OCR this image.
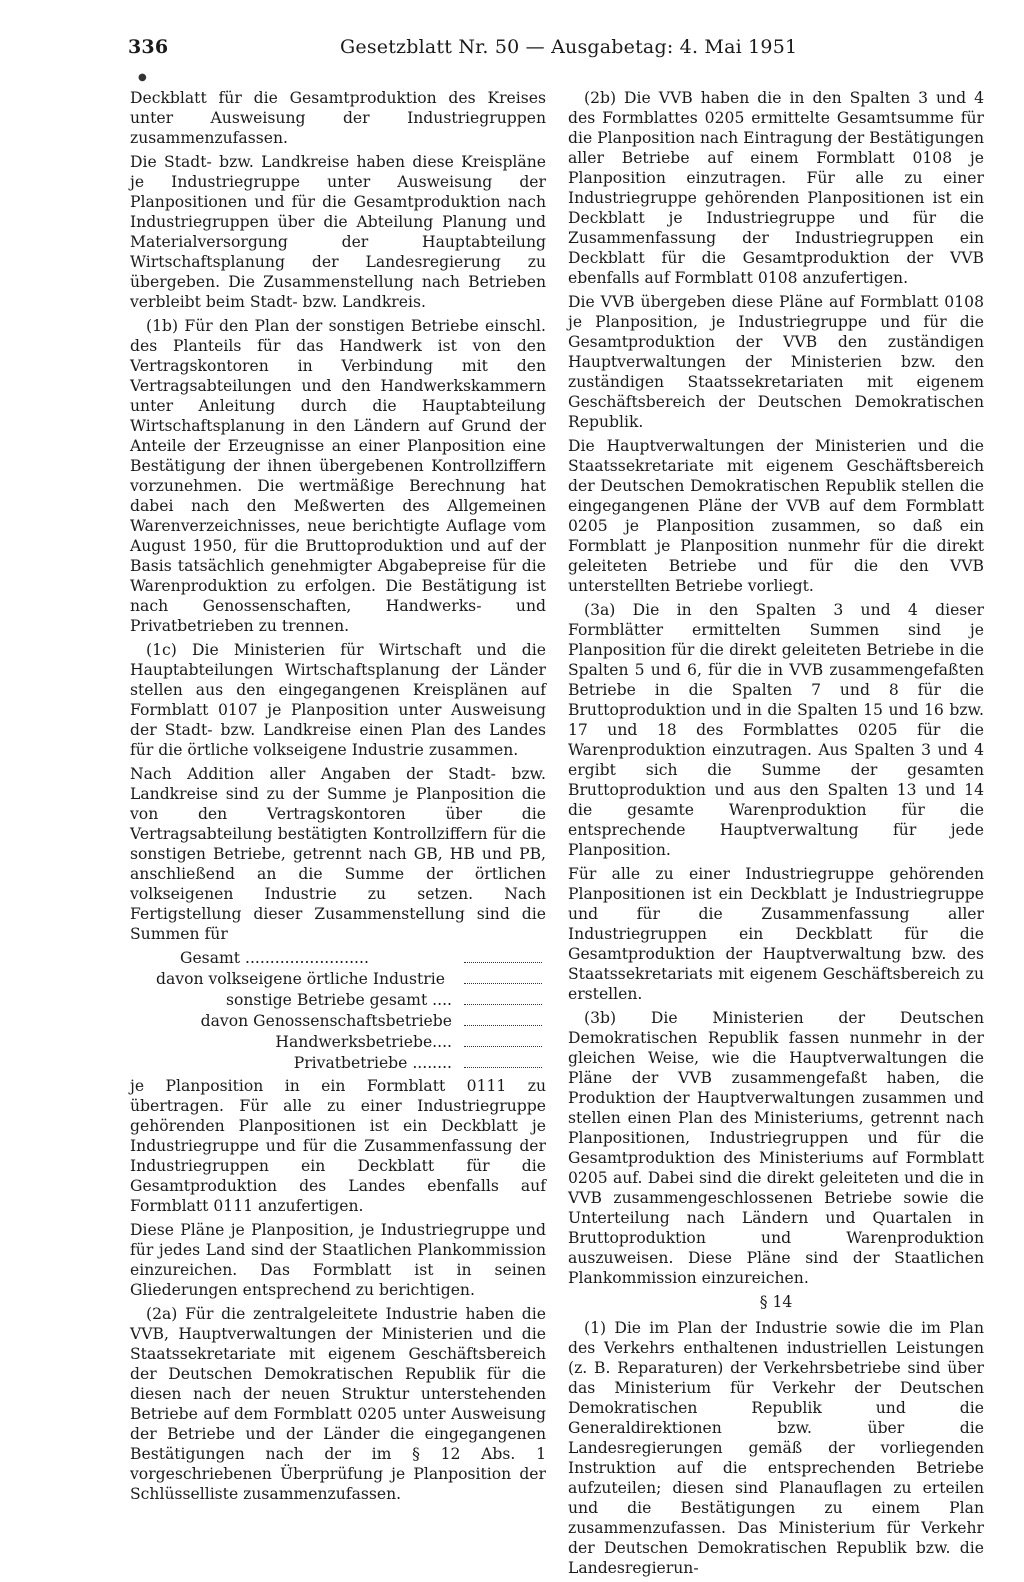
336	Gesetzblatt Nr. 50 — Ausgabetag: 4. Mai 1951
●

Deckblatt für die Gesamtproduktion des Kreises unter Ausweisung der Industriegruppen zusammenzufassen.

Die Stadt- bzw. Landkreise haben diese Kreispläne je Industriegruppe unter Ausweisung der Planpositionen und für die Gesamtproduktion nach Industriegruppen über die Abteilung Planung und Materialversorgung der Hauptabteilung Wirtschaftsplanung der Landesregierung zu übergeben. Die Zusammenstellung nach Betrieben verbleibt beim Stadt- bzw. Landkreis.

(1b) Für den Plan der sonstigen Betriebe einschl. des Planteils für das Handwerk ist von den Vertragskontoren in Verbindung mit den Vertragsabteilungen und den Handwerkskammern unter Anleitung durch die Hauptabteilung Wirtschaftsplanung in den Ländern auf Grund der Anteile der Erzeugnisse an einer Planposition eine Bestätigung der ihnen übergebenen Kontrollziffern vorzunehmen. Die wertmäßige Berechnung hat dabei nach den Meßwerten des Allgemeinen Warenverzeichnisses, neue berichtigte Auflage vom August 1950, für die Bruttoproduktion und auf der Basis tatsächlich genehmigter Abgabepreise für die Warenproduktion zu erfolgen. Die Bestätigung ist nach Genossenschaften, Handwerks- und Privatbetrieben zu trennen.

(1c) Die Ministerien für Wirtschaft und die Hauptabteilungen Wirtschaftsplanung der Länder stellen aus den eingegangenen Kreisplänen auf Formblatt 0107 je Planposition unter Ausweisung der Stadt- bzw. Landkreise einen Plan des Landes für die örtliche volkseigene Industrie zusammen.

Nach Addition aller Angaben der Stadt- bzw. Landkreise sind zu der Summe je Planposition die von den Vertragskontoren über die Vertragsabteilung bestätigten Kontrollziffern für die sonstigen Betriebe, getrennt nach GB, HB und PB, anschließend an die Summe der örtlichen volkseigenen Industrie zu setzen. Nach Fertigstellung dieser Zusammenstellung sind die Summen für

Gesamt .........................
davon volkseigene örtliche Industrie
sonstige Betriebe gesamt ....
davon Genossenschaftsbetriebe
Handwerksbetriebe....
Privatbetriebe ........

je Planposition in ein Formblatt 0111 zu übertragen. Für alle zu einer Industriegruppe gehörenden Planpositionen ist ein Deckblatt je Industriegruppe und für die Zusammenfassung der Industriegruppen ein Deckblatt für die Gesamtproduktion des Landes ebenfalls auf Formblatt 0111 anzufertigen.

Diese Pläne je Planposition, je Industriegruppe und für jedes Land sind der Staatlichen Plankommission einzureichen. Das Formblatt ist in seinen Gliederungen entsprechend zu berichtigen.

(2a) Für die zentralgeleitete Industrie haben die VVB, Hauptverwaltungen der Ministerien und die Staatssekretariate mit eigenem Geschäftsbereich der Deutschen Demokratischen Republik für die diesen nach der neuen Struktur unterstehenden Betriebe auf dem Formblatt 0205 unter Ausweisung der Betriebe und der Länder die eingegangenen Bestätigungen nach der im § 12 Abs. 1 vorgeschriebenen Überprüfung je Planposition der Schlüsselliste zusammenzufassen.

(2b) Die VVB haben die in den Spalten 3 und 4 des Formblattes 0205 ermittelte Gesamtsumme für die Planposition nach Eintragung der Bestätigungen aller Betriebe auf einem Formblatt 0108 je Planposition einzutragen. Für alle zu einer Industriegruppe gehörenden Planpositionen ist ein Deckblatt je Industriegruppe und für die Zusammenfassung der Industriegruppen ein Deckblatt für die Gesamtproduktion der VVB ebenfalls auf Formblatt 0108 anzufertigen.

Die VVB übergeben diese Pläne auf Formblatt 0108 je Planposition, je Industriegruppe und für die Gesamtproduktion der VVB den zuständigen Hauptverwaltungen der Ministerien bzw. den zuständigen Staatssekretariaten mit eigenem Geschäftsbereich der Deutschen Demokratischen Republik.

Die Hauptverwaltungen der Ministerien und die Staatssekretariate mit eigenem Geschäftsbereich der Deutschen Demokratischen Republik stellen die eingegangenen Pläne der VVB auf dem Formblatt 0205 je Planposition zusammen, so daß ein Formblatt je Planposition nunmehr für die direkt geleiteten Betriebe und für die den VVB unterstellten Betriebe vorliegt.

(3a) Die in den Spalten 3 und 4 dieser Formblätter ermittelten Summen sind je Planposition für die direkt geleiteten Betriebe in die Spalten 5 und 6, für die in VVB zusammengefaßten Betriebe in die Spalten 7 und 8 für die Bruttoproduktion und in die Spalten 15 und 16 bzw. 17 und 18 des Formblattes 0205 für die Warenproduktion einzutragen. Aus Spalten 3 und 4 ergibt sich die Summe der gesamten Bruttoproduktion und aus den Spalten 13 und 14 die gesamte Warenproduktion für die entsprechende Hauptverwaltung für jede Planposition.

Für alle zu einer Industriegruppe gehörenden Planpositionen ist ein Deckblatt je Industriegruppe und für die Zusammenfassung aller Industriegruppen ein Deckblatt für die Gesamtproduktion der Hauptverwaltung bzw. des Staatssekretariats mit eigenem Geschäftsbereich zu erstellen.

(3b) Die Ministerien der Deutschen Demokratischen Republik fassen nunmehr in der gleichen Weise, wie die Hauptverwaltungen die Pläne der VVB zusammengefaßt haben, die Produktion der Hauptverwaltungen zusammen und stellen einen Plan des Ministeriums, getrennt nach Planpositionen, Industriegruppen und für die Gesamtproduktion des Ministeriums auf Formblatt 0205 auf. Dabei sind die direkt geleiteten und die in VVB zusammengeschlossenen Betriebe sowie die Unterteilung nach Ländern und Quartalen in Bruttoproduktion und Warenproduktion auszuweisen. Diese Pläne sind der Staatlichen Plankommission einzureichen.

§ 14

(1) Die im Plan der Industrie sowie die im Plan des Verkehrs enthaltenen industriellen Leistungen (z. B. Reparaturen) der Verkehrsbetriebe sind über das Ministerium für Verkehr der Deutschen Demokratischen Republik und die Generaldirektionen bzw. über die Landesregierungen gemäß der vorliegenden Instruktion auf die entsprechenden Betriebe aufzuteilen; diesen sind Planauflagen zu erteilen und die Bestätigungen zu einem Plan zusammenzufassen. Das Ministerium für Verkehr der Deutschen Demokratischen Republik bzw. die Landesregierun-
